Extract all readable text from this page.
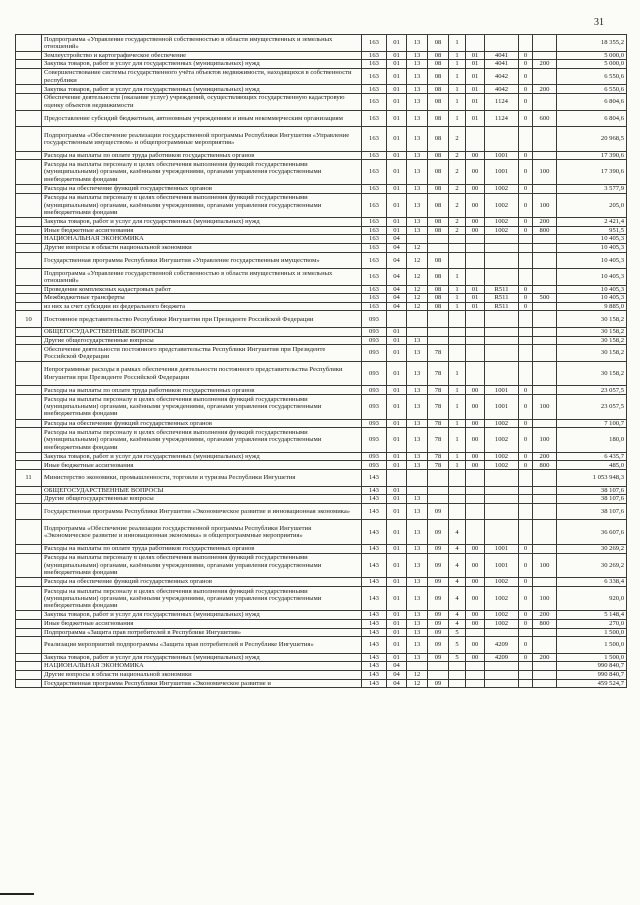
31
	Подпрограмма «Управление государственной собственностью в области имущественных и земельных отношений»	163	01	13	08	1					18 355,2
	Землеустройство и картографическое обеспечение	163	01	13	08	1	01	4041	0		5 000,0
	Закупка товаров, работ и услуг для государственных (муниципальных) нужд	163	01	13	08	1	01	4041	0	200	5 000,0
	Совершенствование системы государственного учёта объектов недвижимости, находящихся в собственности республики	163	01	13	08	1	01	4042	0		6 550,6
	Закупка товаров, работ и услуг для государственных (муниципальных) нужд	163	01	13	08	1	01	4042	0	200	6 550,6
	Обеспечение деятельности (оказание услуг) учреждений, осуществляющих государственную кадастровую оценку объектов недвижимости	163	01	13	08	1	01	1124	0		6 804,6
	Предоставление субсидий бюджетным, автономным учреждениям и иным некоммерческим организациям	163	01	13	08	1	01	1124	0	600	6 804,6
	Подпрограмма «Обеспечение реализации государственной программы Республики Ингушетия «Управление государственным имуществом» и общепрограммные мероприятия»	163	01	13	08	2					20 968,5
	Расходы на выплаты по оплате труда работников государственных органов	163	01	13	08	2	00	1001	0		17 390,6
	Расходы на выплаты персоналу в целях обеспечения выполнения функций государственными (муниципальными) органами, казёнными учреждениями, органами управления государственными внебюджетными фондами	163	01	13	08	2	00	1001	0	100	17 390,6
	Расходы на обеспечение функций государственных органов	163	01	13	08	2	00	1002	0		3 577,9
	Расходы на выплаты персоналу в целях обеспечения выполнения функций государственными (муниципальными) органами, казёнными учреждениями, органами управления государственными внебюджетными фондами	163	01	13	08	2	00	1002	0	100	205,0
	Закупка товаров, работ и услуг для государственных (муниципальных) нужд	163	01	13	08	2	00	1002	0	200	2 421,4
	Иные бюджетные ассигнования	163	01	13	08	2	00	1002	0	800	951,5
	НАЦИОНАЛЬНАЯ ЭКОНОМИКА	163	04								10 405,3
	Другие вопросы в области национальной экономики	163	04	12							10 405,3
	Государственная программа Республики Ингушетия «Управление государственным имуществом»	163	04	12	08						10 405,3
	Подпрограмма «Управление государственной собственностью в области имущественных и земельных отношений»	163	04	12	08	1					10 405,3
	Проведение комплексных кадастровых работ	163	04	12	08	1	01	R511	0		10 405,3
	Межбюджетные трансферты	163	04	12	08	1	01	R511	0	500	10 405,3
	из них за счет субсидии из федерального бюджета	163	04	12	08	1	01	R511	0		9 885,0
10	Постоянное представительство Республики Ингушетия при Президенте Российской Федерации	093									30 158,2
	ОБЩЕГОСУДАРСТВЕННЫЕ ВОПРОСЫ	093	01								30 158,2
	Другие общегосударственные вопросы	093	01	13							30 158,2
	Обеспечение деятельности постоянного представительства Республики Ингушетия при Президенте Российской Федерации	093	01	13	78						30 158,2
	Непрограммные расходы в рамках обеспечения деятельности постоянного представительства Республики Ингушетия при Президенте Российской Федерации	093	01	13	78	1					30 158,2
	Расходы на выплаты по оплате труда работников государственных органов	093	01	13	78	1	00	1001	0		23 057,5
	Расходы на выплаты персоналу в целях обеспечения выполнения функций государственными (муниципальными) органами, казёнными учреждениями, органами управления государственными внебюджетными фондами	093	01	13	78	1	00	1001	0	100	23 057,5
	Расходы на обеспечение функций государственных органов	093	01	13	78	1	00	1002	0		7 100,7
	Расходы на выплаты персоналу в целях обеспечения выполнения функций государственными (муниципальными) органами, казёнными учреждениями, органами управления государственными внебюджетными фондами	093	01	13	78	1	00	1002	0	100	180,0
	Закупка товаров, работ и услуг для государственных (муниципальных) нужд	093	01	13	78	1	00	1002	0	200	6 435,7
	Иные бюджетные ассигнования	093	01	13	78	1	00	1002	0	800	485,0
11	Министерство экономики, промышленности, торговли и туризма Республики Ингушетия	143									1 053 948,3
	ОБЩЕГОСУДАРСТВЕННЫЕ ВОПРОСЫ	143	01								38 107,6
	Другие общегосударственные вопросы	143	01	13							38 107,6
	Государственная программа Республики Ингушетия «Экономическое развитие и инновационная экономика»	143	01	13	09						38 107,6
	Подпрограмма «Обеспечение реализации государственной программы Республики Ингушетия «Экономическое развитие и инновационная экономика» и общепрограммные мероприятия»	143	01	13	09	4					36 607,6
	Расходы на выплаты по оплате труда работников государственных органов	143	01	13	09	4	00	1001	0		30 269,2
	Расходы на выплаты персоналу в целях обеспечения выполнения функций государственными (муниципальными) органами, казёнными учреждениями, органами управления государственными внебюджетными фондами	143	01	13	09	4	00	1001	0	100	30 269,2
	Расходы на обеспечение функций государственных органов	143	01	13	09	4	00	1002	0		6 338,4
	Расходы на выплаты персоналу в целях обеспечения выполнения функций государственными (муниципальными) органами, казёнными учреждениями, органами управления государственными внебюджетными фондами	143	01	13	09	4	00	1002	0	100	920,0
	Закупка товаров, работ и услуг для государственных (муниципальных) нужд	143	01	13	09	4	00	1002	0	200	5 148,4
	Иные бюджетные ассигнования	143	01	13	09	4	00	1002	0	800	270,0
	Подпрограмма «Защита прав потребителей в Республике Ингушетия»	143	01	13	09	5					1 500,0
	Реализация мероприятий подпрограммы «Защита прав потребителей в Республике Ингушетия»	143	01	13	09	5	00	4209	0		1 500,0
	Закупка товаров, работ и услуг для государственных (муниципальных) нужд	143	01	13	09	5	00	4209	0	200	1 500,0
	НАЦИОНАЛЬНАЯ ЭКОНОМИКА	143	04								990 840,7
	Другие вопросы в области национальной экономики	143	04	12							990 840,7
	Государственная программа Республики Ингушетия «Экономическое развитие и	143	04	12	09						459 524,7
